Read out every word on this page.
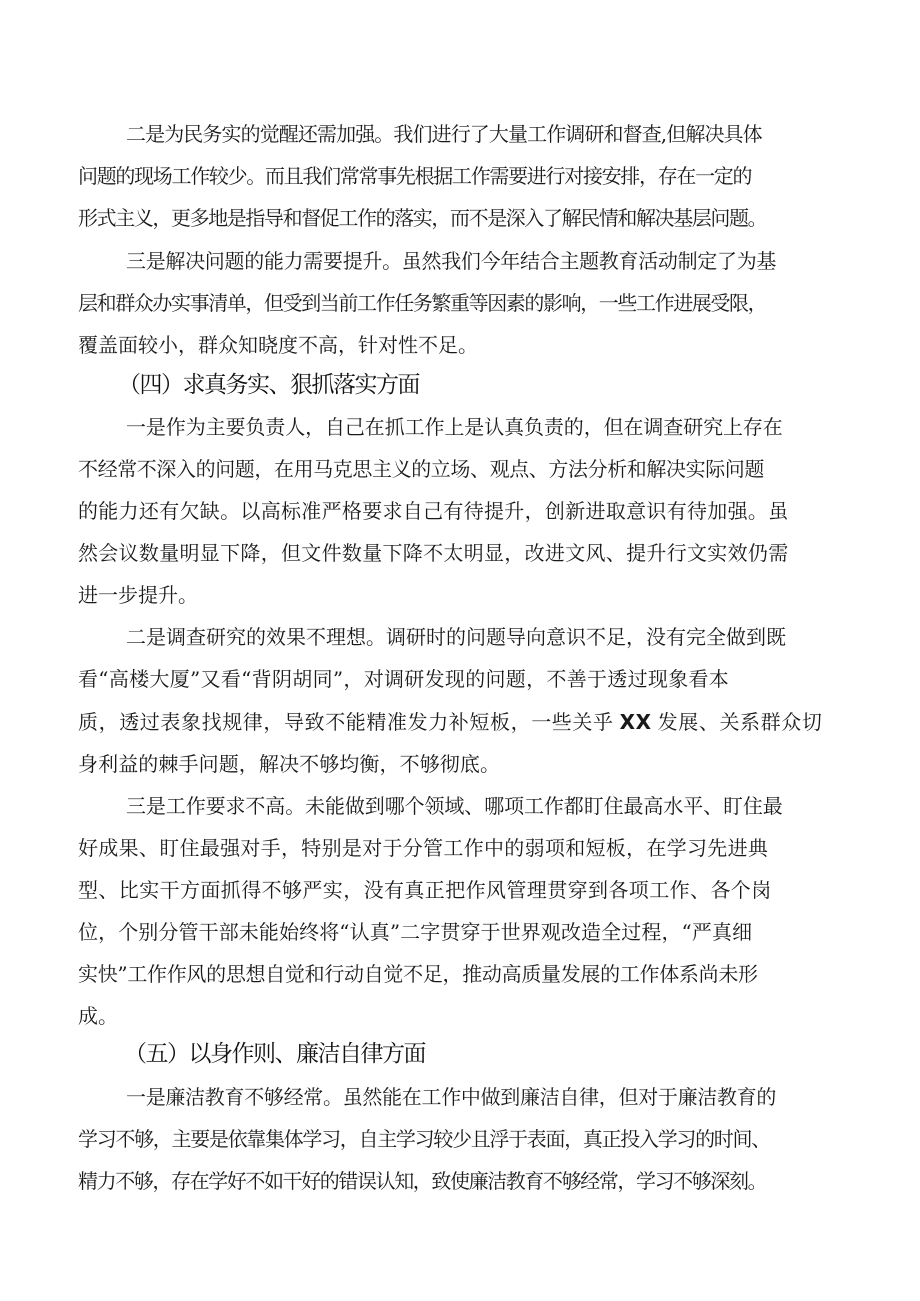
二是为民务实的觉醒还需加强。我们进行了大量工作调研和督查,但解决具体

问题的现场工作较少。而且我们常常事先根据工作需要进行对接安排，存在一定的

形式主义，更多地是指导和督促工作的落实，而不是深入了解民情和解决基层问题。

三是解决问题的能力需要提升。虽然我们今年结合主题教育活动制定了为基

层和群众办实事清单，但受到当前工作任务繁重等因素的影响，一些工作进展受限，

覆盖面较小，群众知晓度不高，针对性不足。

（四）求真务实、狠抓落实方面

一是作为主要负责人，自己在抓工作上是认真负责的，但在调查研究上存在

不经常不深入的问题，在用马克思主义的立场、观点、方法分析和解决实际问题

的能力还有欠缺。以高标准严格要求自己有待提升，创新进取意识有待加强。虽

然会议数量明显下降，但文件数量下降不太明显，改进文风、提升行文实效仍需

进一步提升。

二是调查研究的效果不理想。调研时的问题导向意识不足，没有完全做到既

看“高楼大厦”又看“背阴胡同”，对调研发现的问题，不善于透过现象看本

质，透过表象找规律，导致不能精准发力补短板，一些关乎 XX 发展、关系群众切

身利益的棘手问题，解决不够均衡，不够彻底。

三是工作要求不高。未能做到哪个领域、哪项工作都盯住最高水平、盯住最

好成果、盯住最强对手，特别是对于分管工作中的弱项和短板，在学习先进典

型、比实干方面抓得不够严实，没有真正把作风管理贯穿到各项工作、各个岗

位，个别分管干部未能始终将“认真”二字贯穿于世界观改造全过程，“严真细

实快”工作作风的思想自觉和行动自觉不足，推动高质量发展的工作体系尚未形

成。

（五）以身作则、廉洁自律方面

一是廉洁教育不够经常。虽然能在工作中做到廉洁自律，但对于廉洁教育的

学习不够，主要是依靠集体学习，自主学习较少且浮于表面，真正投入学习的时间、

精力不够，存在学好不如干好的错误认知，致使廉洁教育不够经常，学习不够深刻。
